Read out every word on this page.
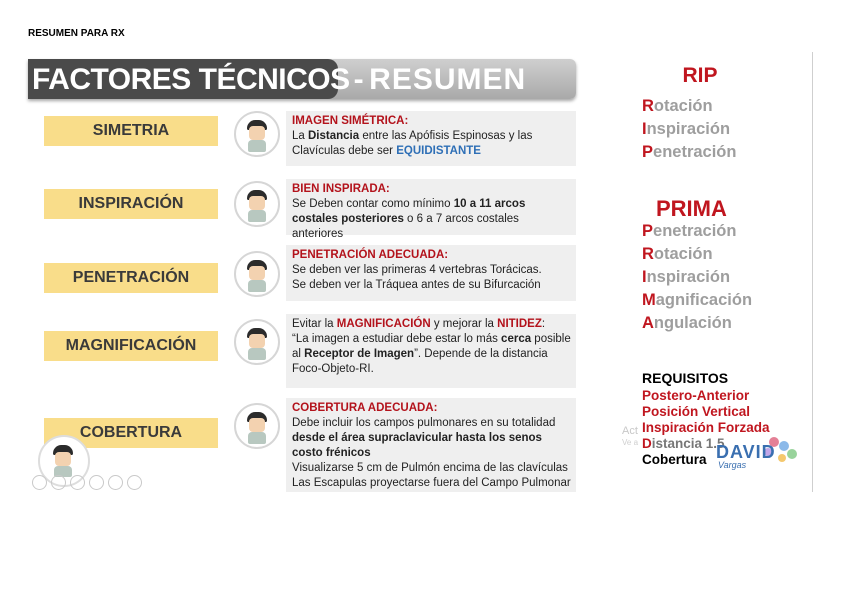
RESUMEN PARA RX
FACTORES TÉCNICOS - RESUMEN
SIMETRIA
IMAGEN SIMÉTRICA:
La Distancia entre las Apófisis Espinosas y las Clavículas debe ser EQUIDISTANTE
INSPIRACIÓN
BIEN INSPIRADA:
Se Deben contar como mínimo 10 a 11 arcos costales posteriores o 6 a 7 arcos costales anteriores
PENETRACIÓN
PENETRACIÓN ADECUADA:
Se deben ver las primeras 4 vertebras Torácicas.
Se deben ver la Tráquea antes de su Bifurcación
MAGNIFICACIÓN
Evitar la MAGNIFICACIÓN y mejorar la NITIDEZ:
“La imagen a estudiar debe estar lo más cerca posible al Receptor de Imagen”. Depende de la distancia Foco-Objeto-RI.
COBERTURA
COBERTURA ADECUADA:
Debe incluir los campos pulmonares en su totalidad desde el área supraclavicular hasta los senos costo frénicos
Visualizarse 5 cm de Pulmón encima de las clavículas
Las Escapulas proyectarse fuera del Campo Pulmonar
RIP
Rotación
Inspiración
Penetración
PRIMA
Penetración
Rotación
Inspiración
Magnificación
Angulación
REQUISITOS
Postero-Anterior
Posición Vertical
Inspiración Forzada
Distancia 1.5
Cobertura
Act
Ve a	DAVID
Vargas
